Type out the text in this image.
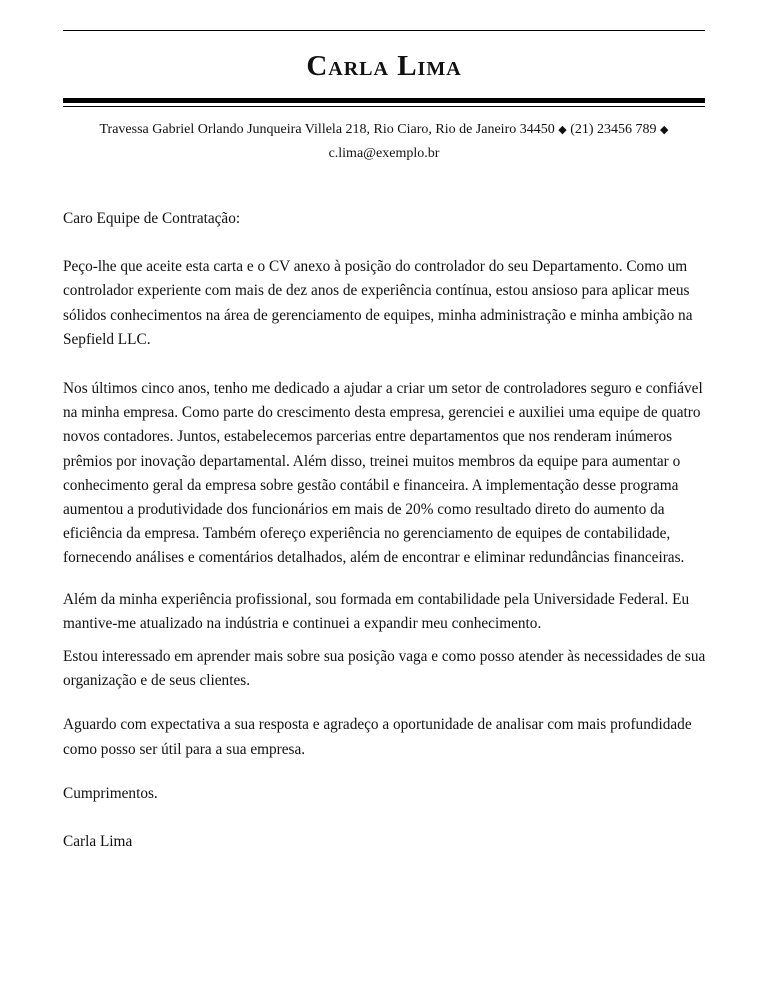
Carla Lima
Travessa Gabriel Orlando Junqueira Villela 218, Rio Ciaro, Rio de Janeiro 34450 ◆ (21) 23456 789 ◆
c.lima@exemplo.br

Caro Equipe de Contratação:

Peço-lhe que aceite esta carta e o CV anexo à posição do controlador do seu Departamento. Como um controlador experiente com mais de dez anos de experiência contínua, estou ansioso para aplicar meus sólidos conhecimentos na área de gerenciamento de equipes, minha administração e minha ambição na Sepfield LLC.

Nos últimos cinco anos, tenho me dedicado a ajudar a criar um setor de controladores seguro e confiável na minha empresa. Como parte do crescimento desta empresa, gerenciei e auxiliei uma equipe de quatro novos contadores. Juntos, estabelecemos parcerias entre departamentos que nos renderam inúmeros prêmios por inovação departamental. Além disso, treinei muitos membros da equipe para aumentar o conhecimento geral da empresa sobre gestão contábil e financeira. A implementação desse programa aumentou a produtividade dos funcionários em mais de 20% como resultado direto do aumento da eficiência da empresa. Também ofereço experiência no gerenciamento de equipes de contabilidade, fornecendo análises e comentários detalhados, além de encontrar e eliminar redundâncias financeiras.

Além da minha experiência profissional, sou formada em contabilidade pela Universidade Federal. Eu mantive-me atualizado na indústria e continuei a expandir meu conhecimento.

Estou interessado em aprender mais sobre sua posição vaga e como posso atender às necessidades de sua organização e de seus clientes.

Aguardo com expectativa a sua resposta e agradeço a oportunidade de analisar com mais profundidade como posso ser útil para a sua empresa.

Cumprimentos.

Carla Lima
